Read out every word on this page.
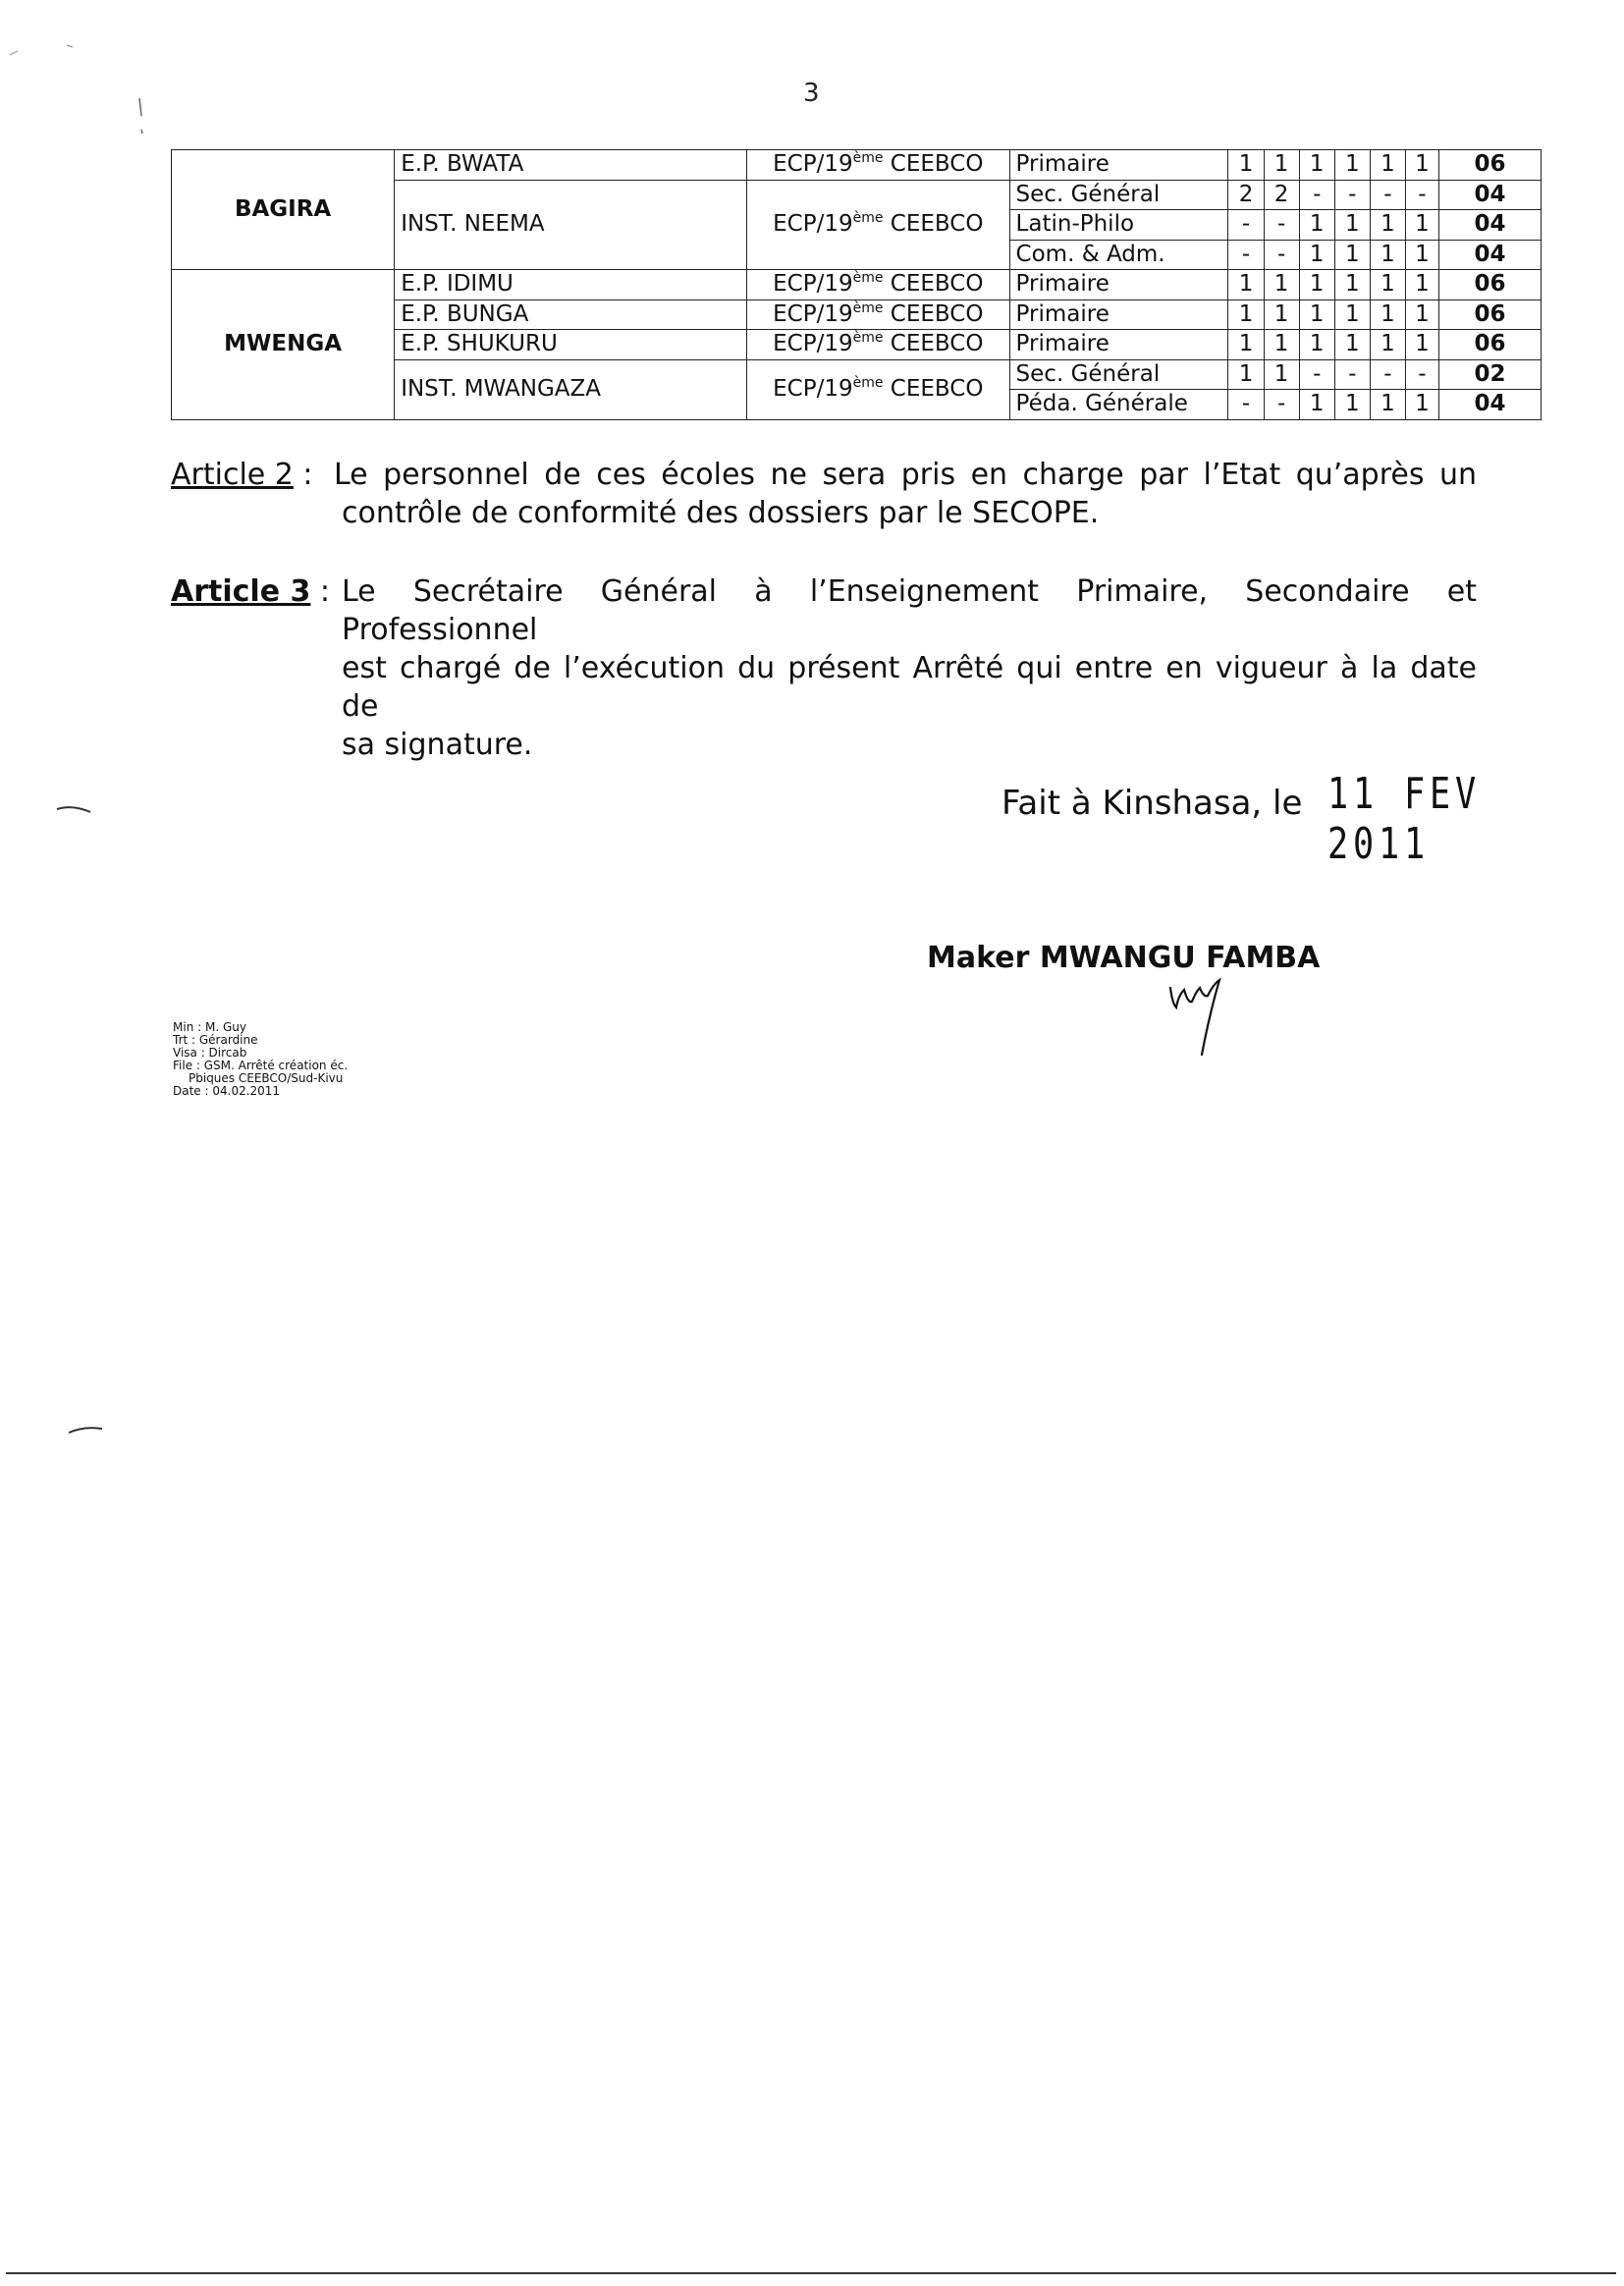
3
BAGIRA	E.P. BWATA	ECP/19ème CEEBCO	Primaire	1	1	1	1	1	1	06
	INST. NEEMA	ECP/19ème CEEBCO	Sec. Général	2	2	-	-	-	-	04
			Latin-Philo	-	-	1	1	1	1	04
			Com. & Adm.	-	-	1	1	1	1	04
MWENGA	E.P. IDIMU	ECP/19ème CEEBCO	Primaire	1	1	1	1	1	1	06
	E.P. BUNGA	ECP/19ème CEEBCO	Primaire	1	1	1	1	1	1	06
	E.P. SHUKURU	ECP/19ème CEEBCO	Primaire	1	1	1	1	1	1	06
	INST. MWANGAZA	ECP/19ème CEEBCO	Sec. Général	1	1	-	-	-	-	02
			Péda. Générale	-	-	1	1	1	1	04
Article 2 : Le personnel de ces écoles ne sera pris en charge par l’Etat qu’après un
contrôle de conformité des dossiers par le SECOPE.
Article 3 : Le Secrétaire Général à l’Enseignement Primaire, Secondaire et Professionnel
est chargé de l’exécution du présent Arrêté qui entre en vigueur à la date de
sa signature.
Fait à Kinshasa, le 11 FEV 2011
Maker MWANGU FAMBA
Min : M. Guy
Trt : Gérardine
Visa : Dircab
File : GSM. Arrêté création éc.
Pbiques CEEBCO/Sud-Kivu
Date : 04.02.2011
